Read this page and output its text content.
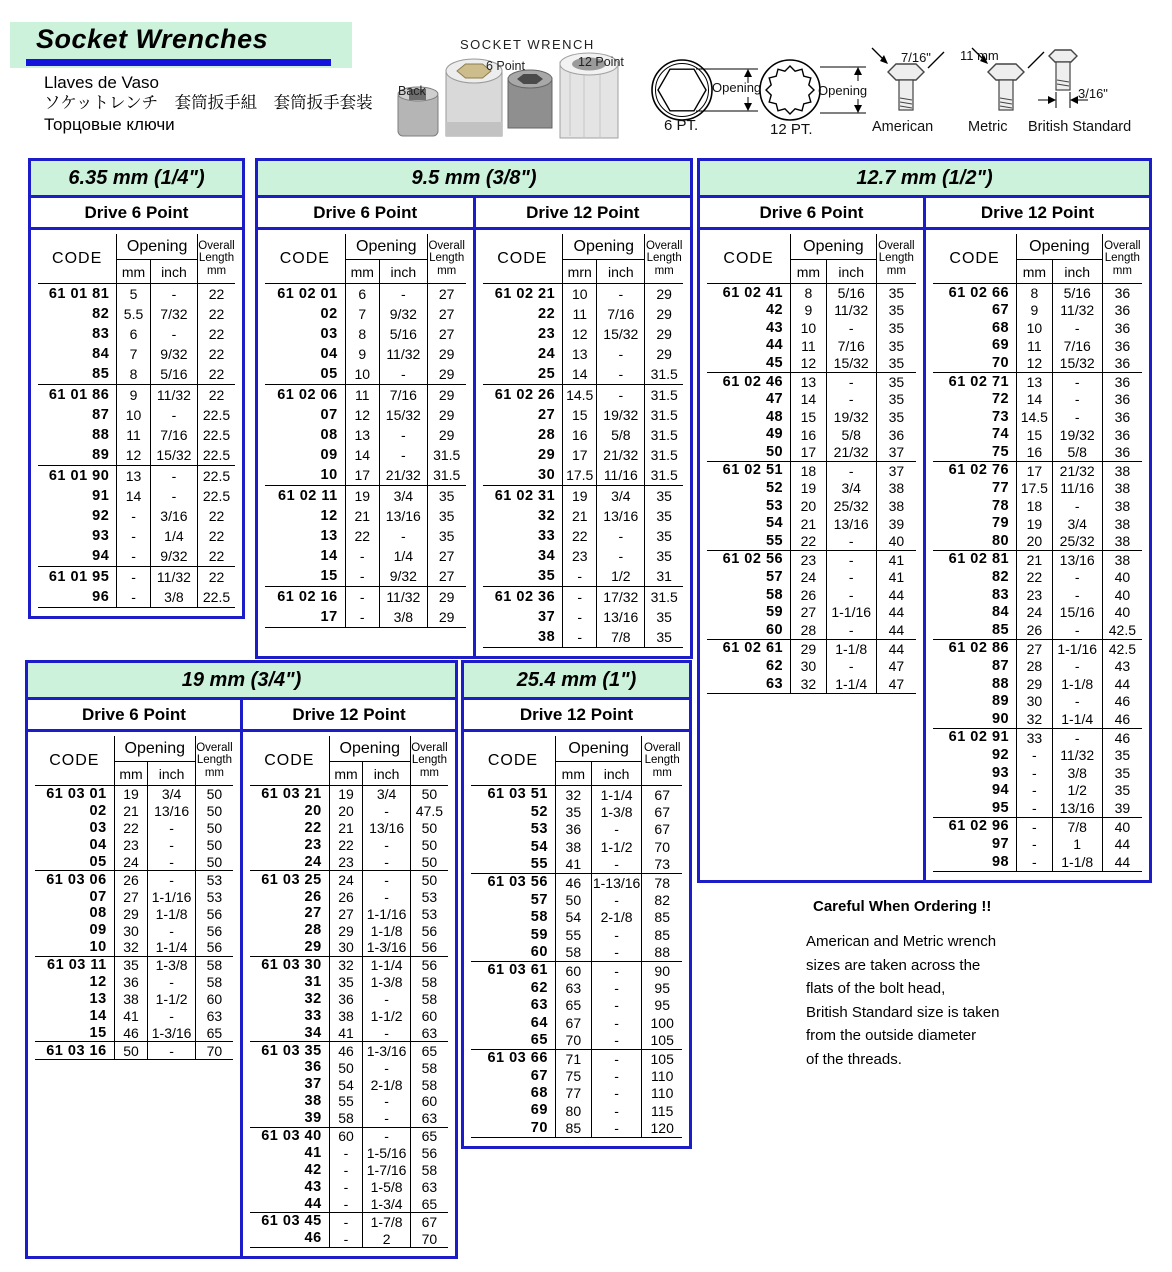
Socket Wrenches
Llaves de Vaso
ソケットレンチ　套筒扳手組　套筒扳手套装
Торцовые ключи
SOCKET WRENCH
Back
6 Point	12 Point
Opening	Opening
6 PT.	12 PT.
7/16" 11 mm
3/16"
American Metric British Standard
6.35 mm (1/4")
Drive 6 Point
CODE	Opening		Overall
Length
mm
	mm	inch	
61 01 81	5	-	22
82	5.5	7/32	22
83	6	-	22
84	7	9/32	22
85	8	5/16	22
61 01 86	9	11/32	22
87	10	-	22.5
88	11	7/16	22.5
89	12	15/32	22.5
61 01 90	13	-	22.5
91	14	-	22.5
92	-	3/16	22
93	-	1/4	22
94	-	9/32	22
61 01 95	-	11/32	22
96	-	3/8	22.5
9.5 mm (3/8")
Drive 6 Point
CODE	Opening		Overall
Length
mm
	mm	inch	
61 02 01	6	-	27
02	7	9/32	27
03	8	5/16	27
04	9	11/32	29
05	10	-	29
61 02 06	11	7/16	29
07	12	15/32	29
08	13	-	29
09	14	-	31.5
10	17	21/32	31.5
61 02 11	19	3/4	35
12	21	13/16	35
13	22	-	35
14	-	1/4	27
15	-	9/32	27
61 02 16	-	11/32	29
17	-	3/8	29
Drive 12 Point
CODE	Opening		Overall
Length
mm
	mrn	inch	
61 02 21	10	-	29
22	11	7/16	29
23	12	15/32	29
24	13	-	29
25	14	-	31.5
61 02 26	14.5	-	31.5
27	15	19/32	31.5
28	16	5/8	31.5
29	17	21/32	31.5
30	17.5	11/16	31.5
61 02 31	19	3/4	35
32	21	13/16	35
33	22	-	35
34	23	-	35
35	-	1/2	31
61 02 36	-	17/32	31.5
37	-	13/16	35
38	-	7/8	35
12.7 mm (1/2")
Drive 6 Point
CODE	Opening		Overall
Length
mm
	mm	inch	
61 02 41	8	5/16	35
42	9	11/32	35
43	10	-	35
44	11	7/16	35
45	12	15/32	35
61 02 46	13	-	35
47	14	-	35
48	15	19/32	35
49	16	5/8	36
50	17	21/32	37
61 02 51	18	-	37
52	19	3/4	38
53	20	25/32	38
54	21	13/16	39
55	22	-	40
61 02 56	23	-	41
57	24	-	41
58	26	-	44
59	27	1-1/16	44
60	28	-	44
61 02 61	29	1-1/8	44
62	30	-	47
63	32	1-1/4	47
Drive 12 Point
CODE	Opening		Overall
Length
mm
	mm	inch	
61 02 66	8	5/16	36
67	9	11/32	36
68	10	-	36
69	11	7/16	36
70	12	15/32	36
61 02 71	13	-	36
72	14	-	36
73	14.5	-	36
74	15	19/32	36
75	16	5/8	36
61 02 76	17	21/32	38
77	17.5	11/16	38
78	18	-	38
79	19	3/4	38
80	20	25/32	38
61 02 81	21	13/16	38
82	22	-	40
83	23	-	40
84	24	15/16	40
85	26	-	42.5
61 02 86	27	1-1/16	42.5
87	28	-	43
88	29	1-1/8	44
89	30	-	46
90	32	1-1/4	46
61 02 91	33	-	46
92	-	11/32	35
93	-	3/8	35
94	-	1/2	35
95	-	13/16	39
61 02 96	-	7/8	40
97	-	1	44
98	-	1-1/8	44
19 mm (3/4")
Drive 6 Point
CODE	Opening		Overall
Length
mm
	mm	inch	
61 03 01	19	3/4	50
02	21	13/16	50
03	22	-	50
04	23	-	50
05	24	-	50
61 03 06	26	-	53
07	27	1-1/16	53
08	29	1-1/8	56
09	30	-	56
10	32	1-1/4	56
61 03 11	35	1-3/8	58
12	36	-	58
13	38	1-1/2	60
14	41	-	63
15	46	1-3/16	65
61 03 16	50	-	70
Drive 12 Point
CODE	Opening		Overall
Length
mm
	mm	inch	
61 03 21	19	3/4	50
20	20	-	47.5
22	21	13/16	50
23	22	-	50
24	23	-	50
61 03 25	24	-	50
26	26	-	53
27	27	1-1/16	53
28	29	1-1/8	56
29	30	1-3/16	56
61 03 30	32	1-1/4	56
31	35	1-3/8	58
32	36	-	58
33	38	1-1/2	60
34	41	-	63
61 03 35	46	1-3/16	65
36	50	-	58
37	54	2-1/8	58
38	55	-	60
39	58	-	63
61 03 40	60	-	65
41	-	1-5/16	56
42	-	1-7/16	58
43	-	1-5/8	63
44	-	1-3/4	65
61 03 45	-	1-7/8	67
46	-	2	70
25.4 mm (1")
Drive 12 Point
CODE	Opening		Overall
Length
mm
	mm	inch	
61 03 51	32	1-1/4	67
52	35	1-3/8	67
53	36	-	67
54	38	1-1/2	70
55	41	-	73
61 03 56	46	1-13/16	78
57	50	-	82
58	54	2-1/8	85
59	55	-	85
60	58	-	88
61 03 61	60	-	90
62	63	-	95
63	65	-	95
64	67	-	100
65	70	-	105
61 03 66	71	-	105
67	75	-	110
68	77	-	110
69	80	-	115
70	85	-	120
Careful When Ordering !!
American and Metric wrench
sizes are taken across the
flats of the bolt head,
British Standard size is taken
from the outside diameter
of the threads.
